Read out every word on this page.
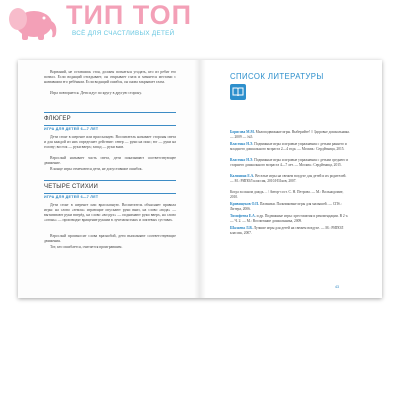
ТИП ТОП
ВСЁ ДЛЯ СЧАСТЛИВЫХ ДЕТЕЙ

Ворваний, не оставшись стоя, должен погнаться угадать, кто из ребят его позвал. Если водящий отгадывает, он открывает глаза и меняется местами с назвавшим его ребёнком. Если водящий ошибся, он снова закрывает глаза.

Игра повторяется. Дети идут по кругу в другую сторону.

ФЛЮГЕР
ИГРА ДЛЯ ДЕТЕЙ 6—7 ЛЕТ

Дети стоят в шеренге или врассыпную. Воспитатель называет стороны света и для каждой из них определяет действие: север — руки на пояс; юг — руки на голову; восток — руки вверх; запад — руки вниз.

Взрослый называет часть света, дети показывают соответствующее движение.

В конце игры отмечаются дети, не допустившие ошибок.

ЧЕТЫРЕ СТИХИИ
ИГРА ДЛЯ ДЕТЕЙ 6—7 ЛЕТ

Дети стоят в шеренге или врассыпную. Воспитатель объясняет правила игры: на слово «земля» играющие опускают руки вниз, на слово «вода» — вытягивают руки вперёд, на слово «воздух» — поднимают руки вверх, на слово «огонь» — производят вращение руками в лучезапястных и локтевых суставах.

Взрослый произносит слова вразнобой, дети выполняют соответствующие движения.

Тот, кто ошибается, считается проигравшим.

СПИСОК ЛИТЕРАТУРЫ

Борисова М.М. Малоподвижные игры. Выберийте! // Здоровье дошкольника. — 2009 — №5.

Власенко Н.Э. Подвижные игры и игровые упражнения с детьми раннего и младшего дошкольного возраста 2—4 года. — Москва.: Сердйтница, 2015.

Власенко Н.Э. Подвижные игры и игровые упражнения с детьми среднего и старшего дошкольного возраста 4—7 лет. — Москва.: Сердйтница, 2015.

Калинина Е.А. Веселые игры на свежем воздухе для детей и их родителей. — М.: РИПОЛ классик, 2010.Н31ков, 2007.

Когда за окном дождь… / Автор-сост. С. Н. Петрова. — М.: Вольнодомие, 2010.

Кривощеков О.П. Пальчики. Пальчиковые игры для малышей. — СПб.: Литера, 2006.

Тимофеева Е.А. и др. Подвижные игры: хрестоматия и рекомендации. В 2 ч. — Ч. 2. — М.: Воспитание дошкольника, 2009.

Шалаева Л.В. Лучшие игры для детей на свежем воздухе. — М.: РИПОЛ классик, 2007.

43
